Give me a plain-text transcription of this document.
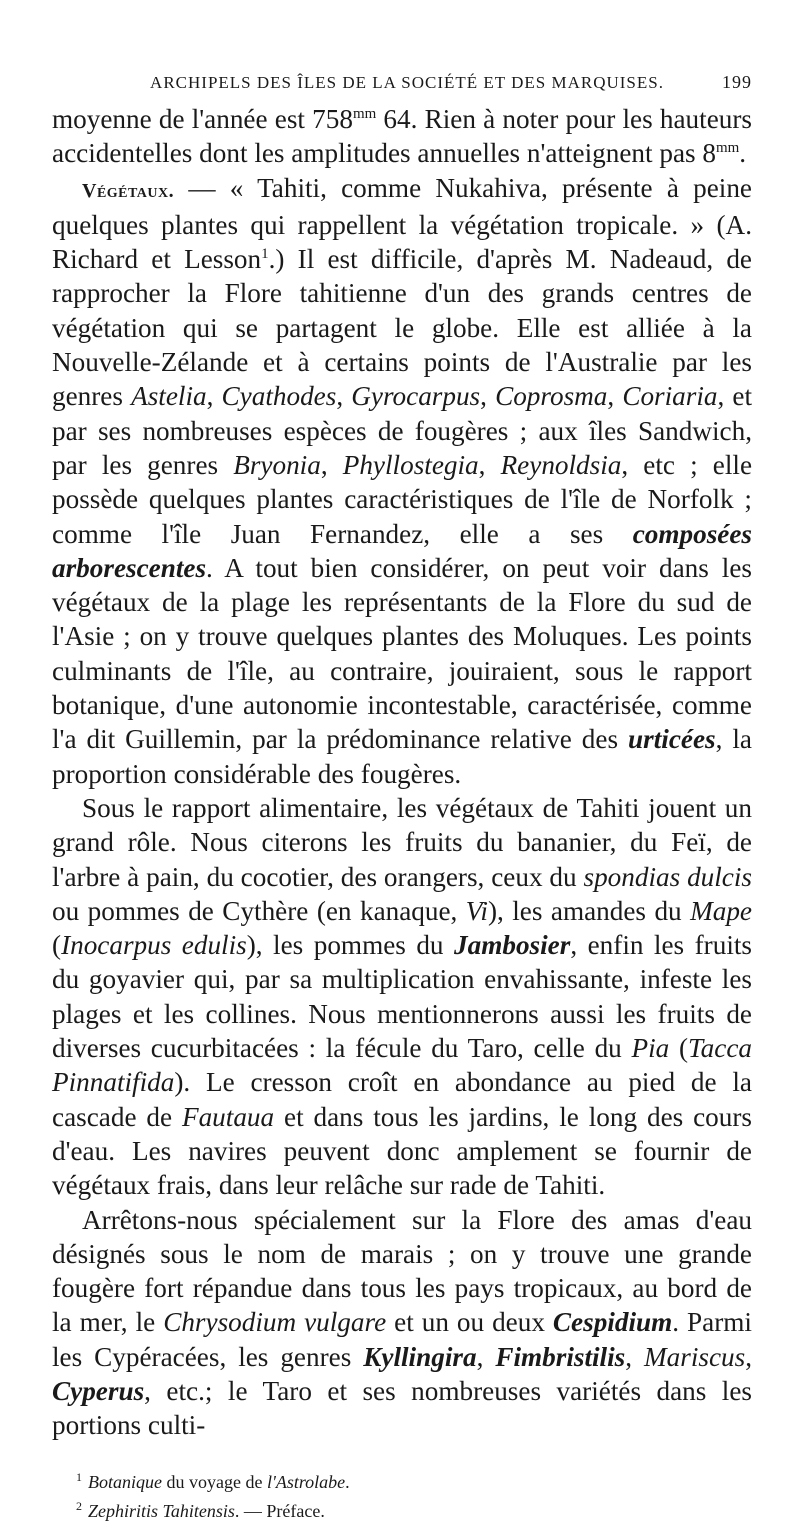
ARCHIPELS DES ÎLES DE LA SOCIÉTÉ ET DES MARQUISES.	199

moyenne de l'année est $758^{mm}$ 64. Rien à noter pour les hauteurs accidentelles dont les amplitudes annuelles n'atteignent pas $8^{mm}$.

Végétaux. — « Tahiti, comme Nukahiva, présente à peine quelques plantes qui rappellent la végétation tropicale. » (A. Richard et Lesson$^1$.) Il est difficile, d'après M. Nadeaud, de rapprocher la Flore tahitienne d'un des grands centres de végétation qui se partagent le globe. Elle est alliée à la Nouvelle-Zélande et à certains points de l'Australie par les genres Astelia, Cyathodes, Gyrocarpus, Coprosma, Coriaria, et par ses nombreuses espèces de fougères ; aux îles Sandwich, par les genres Bryonia, Phyllostegia, Reynoldsia, etc ; elle possède quelques plantes caractéristiques de l'île de Norfolk ; comme l'île Juan Fernandez, elle a ses composées arborescentes. A tout bien considérer, on peut voir dans les végétaux de la plage les représentants de la Flore du sud de l'Asie ; on y trouve quelques plantes des Moluques. Les points culminants de l'île, au contraire, jouiraient, sous le rapport botanique, d'une autonomie incontestable, caractérisée, comme l'a dit Guillemin, par la prédominance relative des urticées, la proportion considérable des fougères.

Sous le rapport alimentaire, les végétaux de Tahiti jouent un grand rôle. Nous citerons les fruits du bananier, du Feï, de l'arbre à pain, du cocotier, des orangers, ceux du spondias dulcis ou pommes de Cythère (en kanaque, Vi), les amandes du Mape (Inocarpus edulis), les pommes du Jambosier, enfin les fruits du goyavier qui, par sa multiplication envahissante, infeste les plages et les collines. Nous mentionnerons aussi les fruits de diverses cucurbitacées : la fécule du Taro, celle du Pia (Tacca Pinnatifida). Le cresson croît en abondance au pied de la cascade de Fautaua et dans tous les jardins, le long des cours d'eau. Les navires peuvent donc amplement se fournir de végétaux frais, dans leur relâche sur rade de Tahiti.

Arrêtons-nous spécialement sur la Flore des amas d'eau désignés sous le nom de marais ; on y trouve une grande fougère fort répandue dans tous les pays tropicaux, au bord de la mer, le Chrysodium vulgare et un ou deux Cespidium. Parmi les Cypéracées, les genres Kyllingira, Fimbristilis, Mariscus, Cyperus, etc.; le Taro et ses nombreuses variétés dans les portions culti-

$^1$ Botanique du voyage de l'Astrolabe.

$^2$ Zephiritis Tahitensis. — Préface.
